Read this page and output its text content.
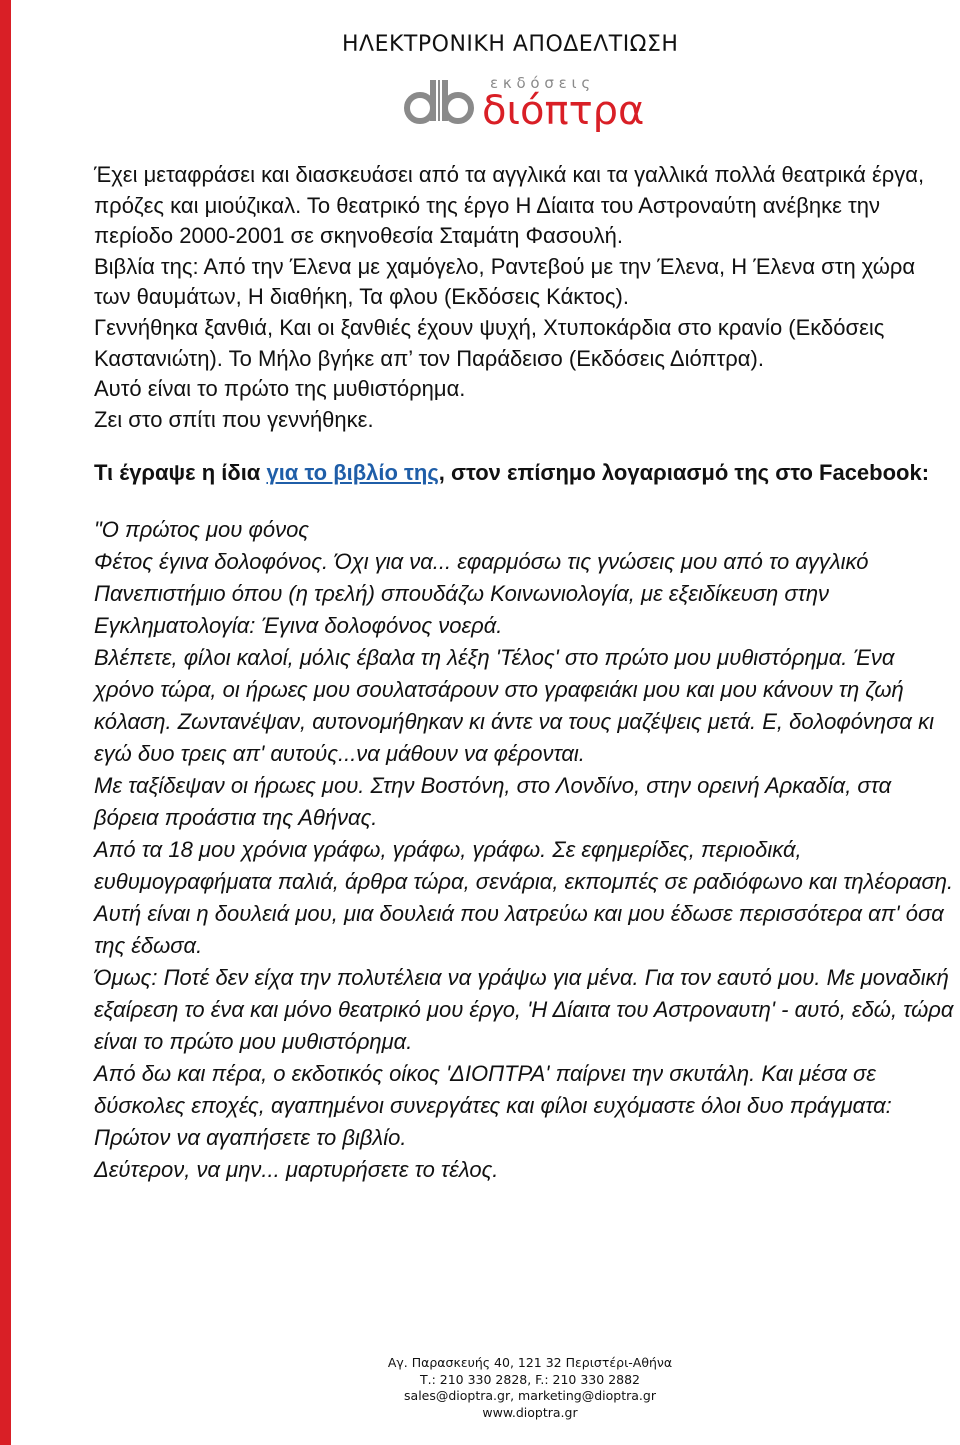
ΗΛΕΚΤΡΟΝΙΚΗ ΑΠΟΔΕΛΤΙΩΣΗ
ε κ δ ό σ ε ι ς
διόπτρα

Έχει μεταφράσει και διασκευάσει από τα αγγλικά και τα γαλλικά πολλά θεατρικά έργα, πρόζες και μιούζικαλ. Το θεατρικό της έργο Η Δίαιτα του Αστροναύτη ανέβηκε την περίοδο 2000-2001 σε σκηνοθεσία Σταμάτη Φασουλή.

Βιβλία της: Από την Έλενα με χαμόγελο, Ραντεβού με την Έλενα, Η Έλενα στη χώρα των θαυμάτων, Η διαθήκη, Τα φλου (Εκδόσεις Κάκτος).

Γεννήθηκα ξανθιά, Και οι ξανθιές έχουν ψυχή, Χτυποκάρδια στο κρανίο (Εκδόσεις Καστανιώτη). Το Μήλο βγήκε απ’ τον Παράδεισο (Εκδόσεις Διόπτρα).

Αυτό είναι το πρώτο της μυθιστόρημα.

Ζει στο σπίτι που γεννήθηκε.

Τι έγραψε η ίδια για το βιβλίο της, στον επίσημο λογαριασμό της στο Facebook:

"Ο πρώτος μου φόνος

Φέτος έγινα δολοφόνος. Όχι για να... εφαρμόσω τις γνώσεις μου από το αγγλικό Πανεπιστήμιο όπου (η τρελή) σπουδάζω Κοινωνιολογία, με εξειδίκευση στην Εγκληματολογία: Έγινα δολοφόνος νοερά.

Βλέπετε, φίλοι καλοί, μόλις έβαλα τη λέξη 'Τέλος' στο πρώτο μου μυθιστόρημα. Ένα χρόνο τώρα, οι ήρωες μου σουλατσάρουν στο γραφειάκι μου και μου κάνουν τη ζωή κόλαση. Ζωντανέψαν, αυτονομήθηκαν κι άντε να τους μαζέψεις μετά. Ε, δολοφόνησα κι εγώ δυο τρεις απ' αυτούς...να μάθουν να φέρονται.

Με ταξίδεψαν οι ήρωες μου. Στην Βοστόνη, στο Λονδίνο, στην ορεινή Αρκαδία, στα βόρεια προάστια της Αθήνας.

Από τα 18 μου χρόνια γράφω, γράφω, γράφω. Σε εφημερίδες, περιοδικά, ευθυμογραφήματα παλιά, άρθρα τώρα, σενάρια, εκπομπές σε ραδιόφωνο και τηλέοραση. Αυτή είναι η δουλειά μου, μια δουλειά που λατρεύω και μου έδωσε περισσότερα απ' όσα της έδωσα.

Όμως: Ποτέ δεν είχα την πολυτέλεια να γράψω για μένα. Για τον εαυτό μου. Με μοναδική εξαίρεση το ένα και μόνο θεατρικό μου έργο, 'Η Δίαιτα του Αστροναυτη' - αυτό, εδώ, τώρα είναι το πρώτο μου μυθιστόρημα.

Από δω και πέρα, ο εκδοτικός οίκος 'ΔΙΟΠΤΡΑ' παίρνει την σκυτάλη. Και μέσα σε δύσκολες εποχές, αγαπημένοι συνεργάτες και φίλοι ευχόμαστε όλοι δυο πράγματα:

Πρώτον να αγαπήσετε το βιβλίο.

Δεύτερον, να μην... μαρτυρήσετε το τέλος.

Αγ. Παρασκευής 40, 121 32 Περιστέρι-Αθήνα
Τ.: 210 330 2828, F.: 210 330 2882
sales@dioptra.gr, marketing@dioptra.gr
www.dioptra.gr
